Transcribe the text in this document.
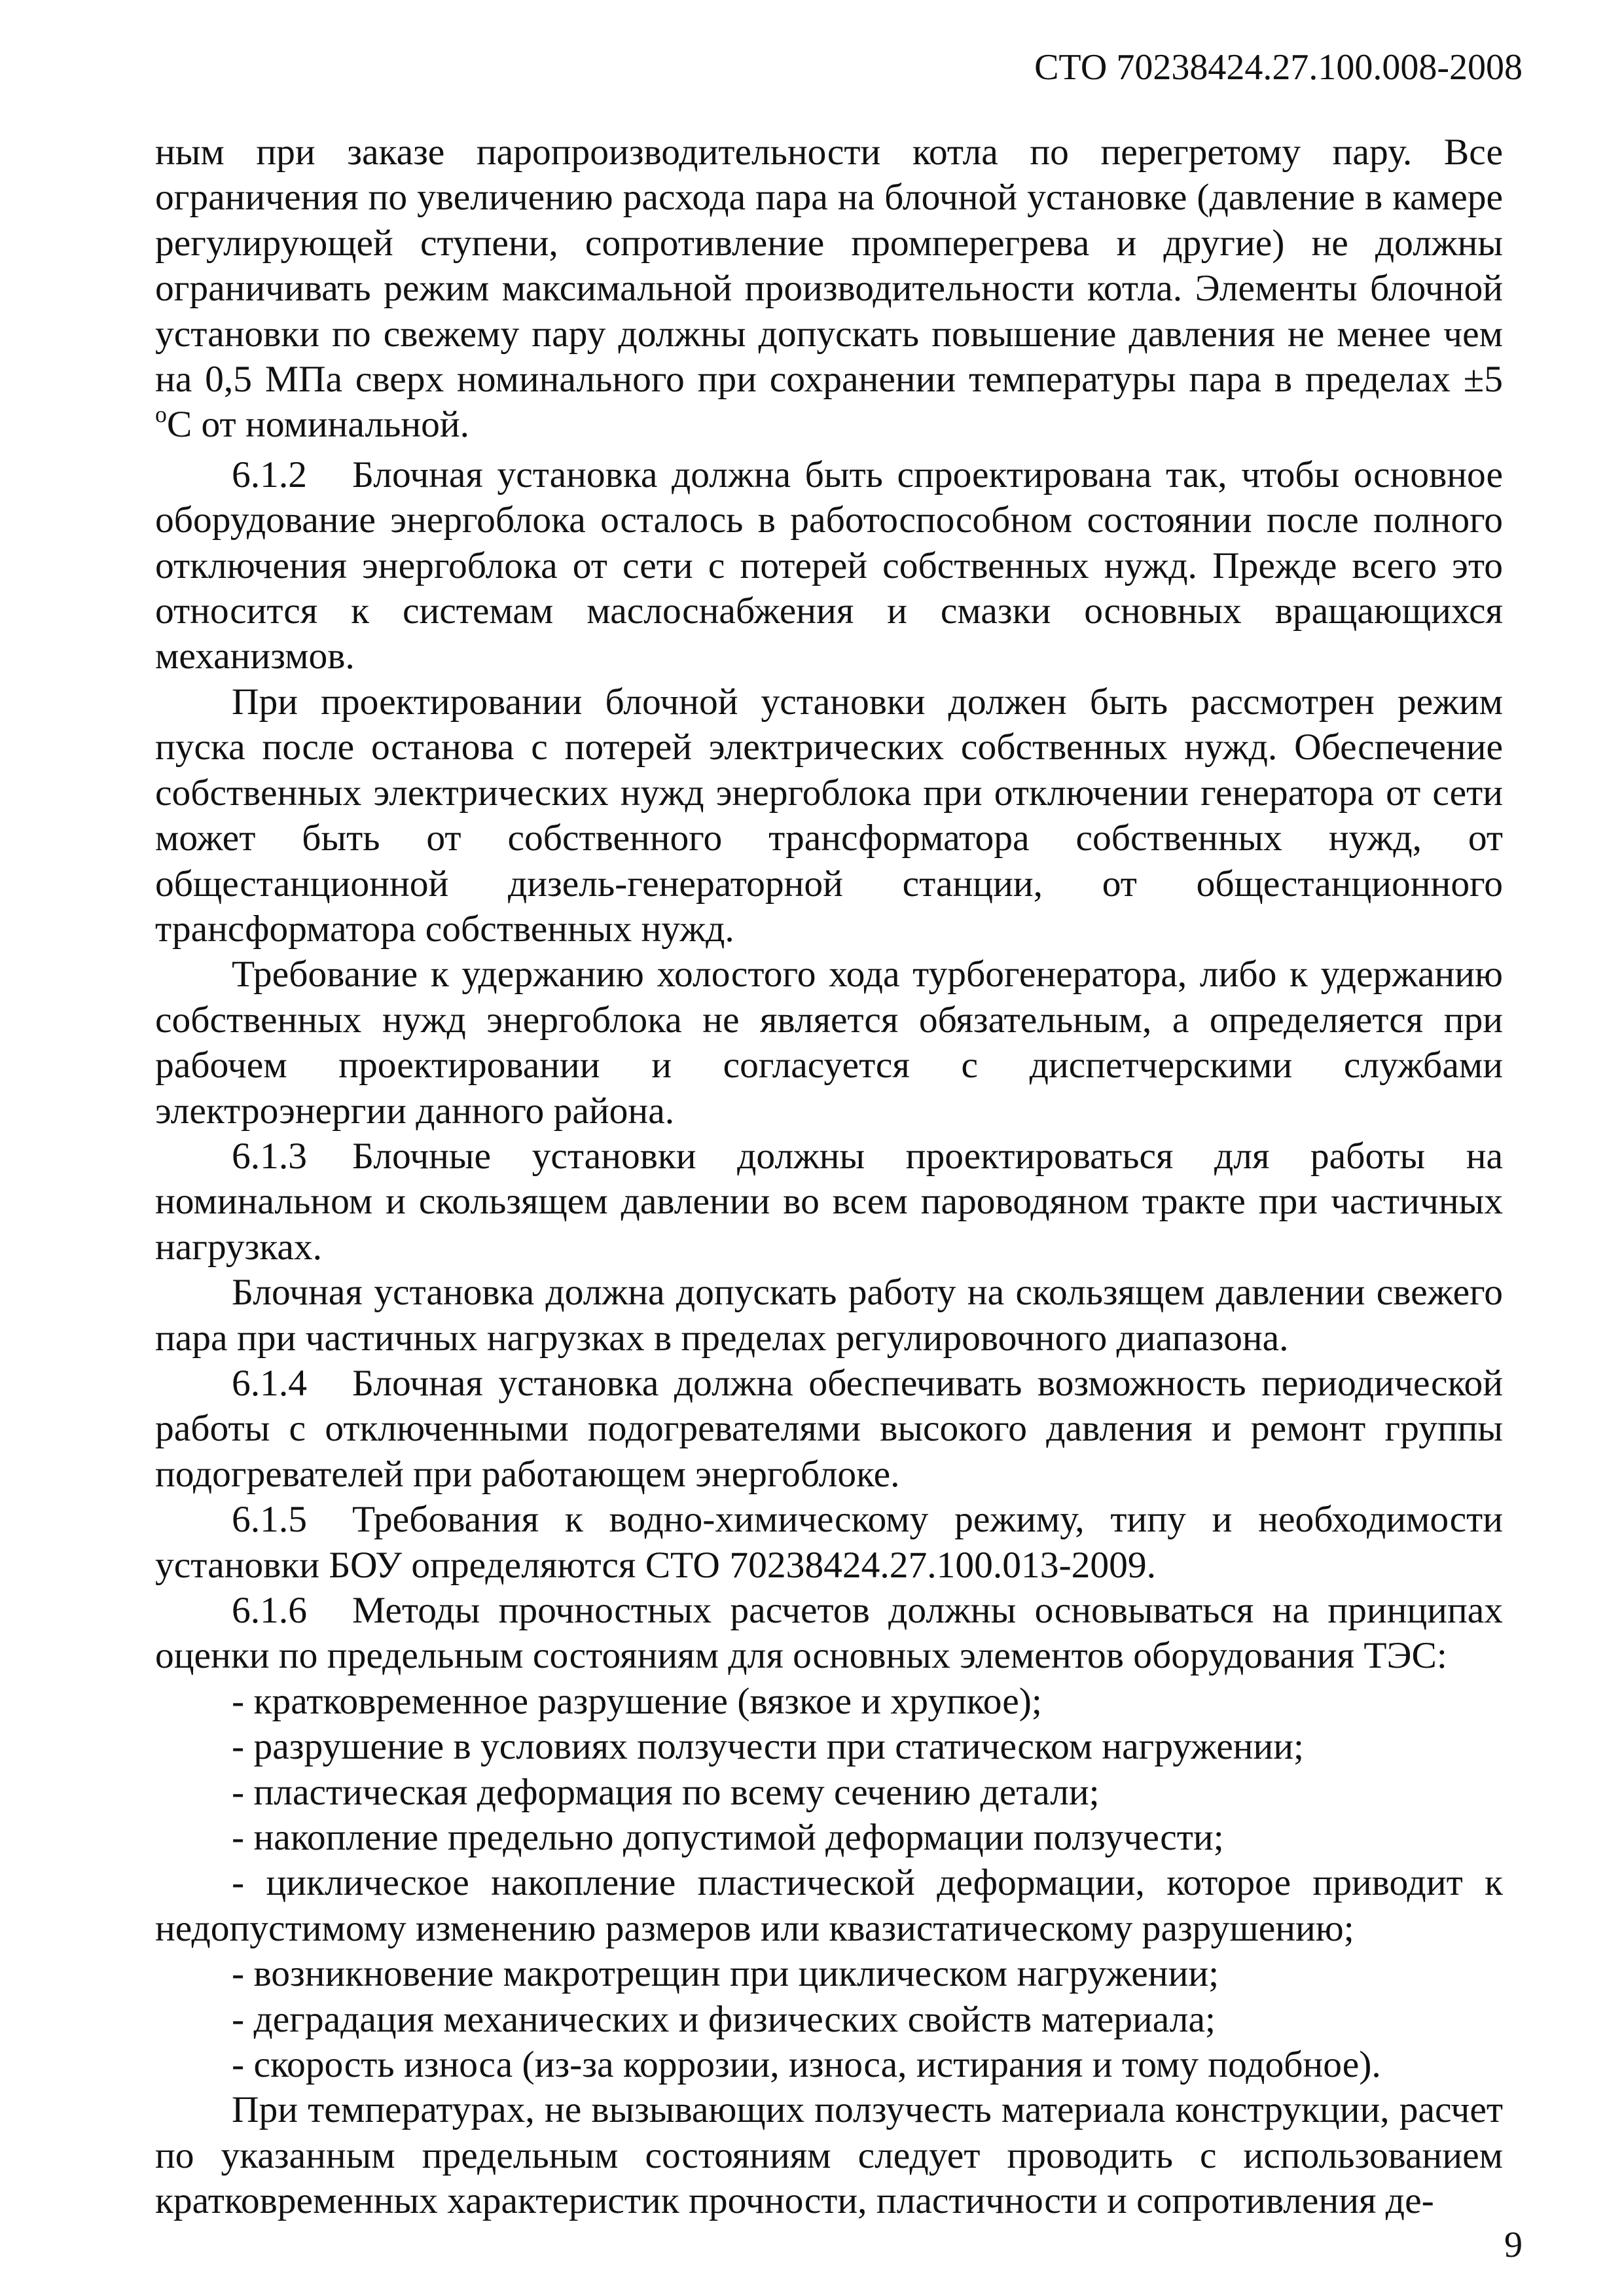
СТО 70238424.27.100.008-2008

ным при заказе паропроизводительности котла по перегретому пару. Все ограничения по увеличению расхода пара на блочной установке (давление в камере регулирующей ступени, сопротивление промперегрева и другие) не должны ограничивать режим максимальной производительности котла. Элементы блочной установки по свежему пару должны допускать повышение давления не менее чем на 0,5 МПа сверх номинального при сохранении температуры пара в пределах ±5 $^o$С от номинальной.

6.1.2 Блочная установка должна быть спроектирована так, чтобы основное оборудование энергоблока осталось в работоспособном состоянии после полного отключения энергоблока от сети с потерей собственных нужд. Прежде всего это относится к системам маслоснабжения и смазки основных вращающихся механизмов.

При проектировании блочной установки должен быть рассмотрен режим пуска после останова с потерей электрических собственных нужд. Обеспечение собственных электрических нужд энергоблока при отключении генератора от сети может быть от собственного трансформатора собственных нужд, от общестанционной дизель-генераторной станции, от общестанционного трансформатора собственных нужд.

Требование к удержанию холостого хода турбогенератора, либо к удержанию собственных нужд энергоблока не является обязательным, а определяется при рабочем проектировании и согласуется с диспетчерскими службами электроэнергии данного района.

6.1.3 Блочные установки должны проектироваться для работы на номинальном и скользящем давлении во всем пароводяном тракте при частичных нагрузках.

Блочная установка должна допускать работу на скользящем давлении свежего пара при частичных нагрузках в пределах регулировочного диапазона.

6.1.4 Блочная установка должна обеспечивать возможность периодической работы с отключенными подогревателями высокого давления и ремонт группы подогревателей при работающем энергоблоке.

6.1.5 Требования к водно-химическому режиму, типу и необходимости установки БОУ определяются СТО 70238424.27.100.013-2009.

6.1.6 Методы прочностных расчетов должны основываться на принципах оценки по предельным состояниям для основных элементов оборудования ТЭС:

- кратковременное разрушение (вязкое и хрупкое);

- разрушение в условиях ползучести при статическом нагружении;

- пластическая деформация по всему сечению детали;

- накопление предельно допустимой деформации ползучести;

- циклическое накопление пластической деформации, которое приводит к недопустимому изменению размеров или квазистатическому разрушению;

- возникновение макротрещин при циклическом нагружении;

- деградация механических и физических свойств материала;

- скорость износа (из-за коррозии, износа, истирания и тому подобное).

При температурах, не вызывающих ползучесть материала конструкции, расчет по указанным предельным состояниям следует проводить с использованием кратковременных характеристик прочности, пластичности и сопротивления де-

9
